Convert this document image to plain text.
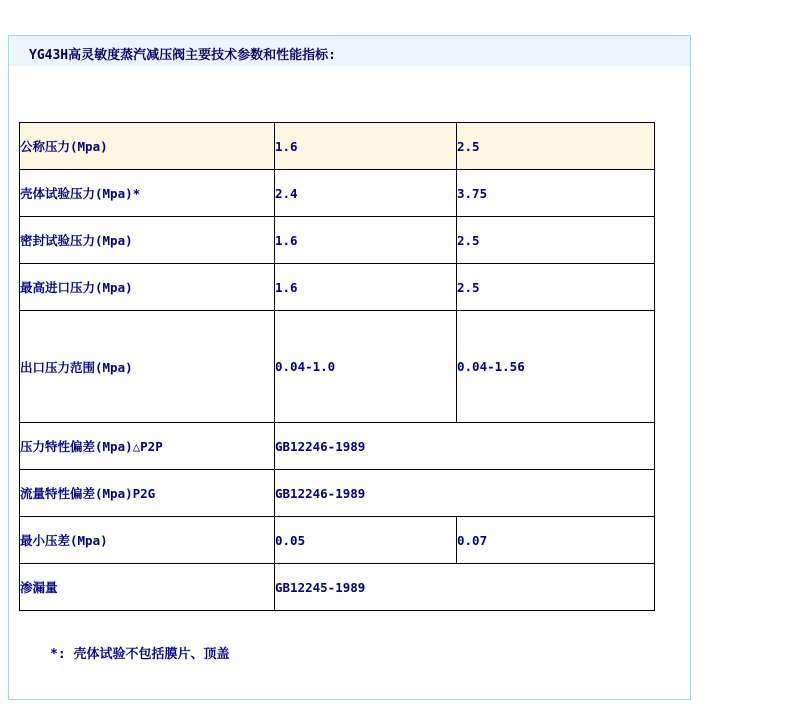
YG43H高灵敏度蒸汽减压阀主要技术参数和性能指标:
公称压力(Mpa)	1.6	2.5
壳体试验压力(Mpa)*	2.4	3.75
密封试验压力(Mpa)	1.6	2.5
最高进口压力(Mpa)	1.6	2.5
出口压力范围(Mpa)	0.04-1.0	0.04-1.56
压力特性偏差(Mpa)△P2P	GB12246-1989	
流量特性偏差(Mpa)P2G	GB12246-1989	
最小压差(Mpa)	0.05	0.07
渗漏量	GB12245-1989	
*: 壳体试验不包括膜片、顶盖
